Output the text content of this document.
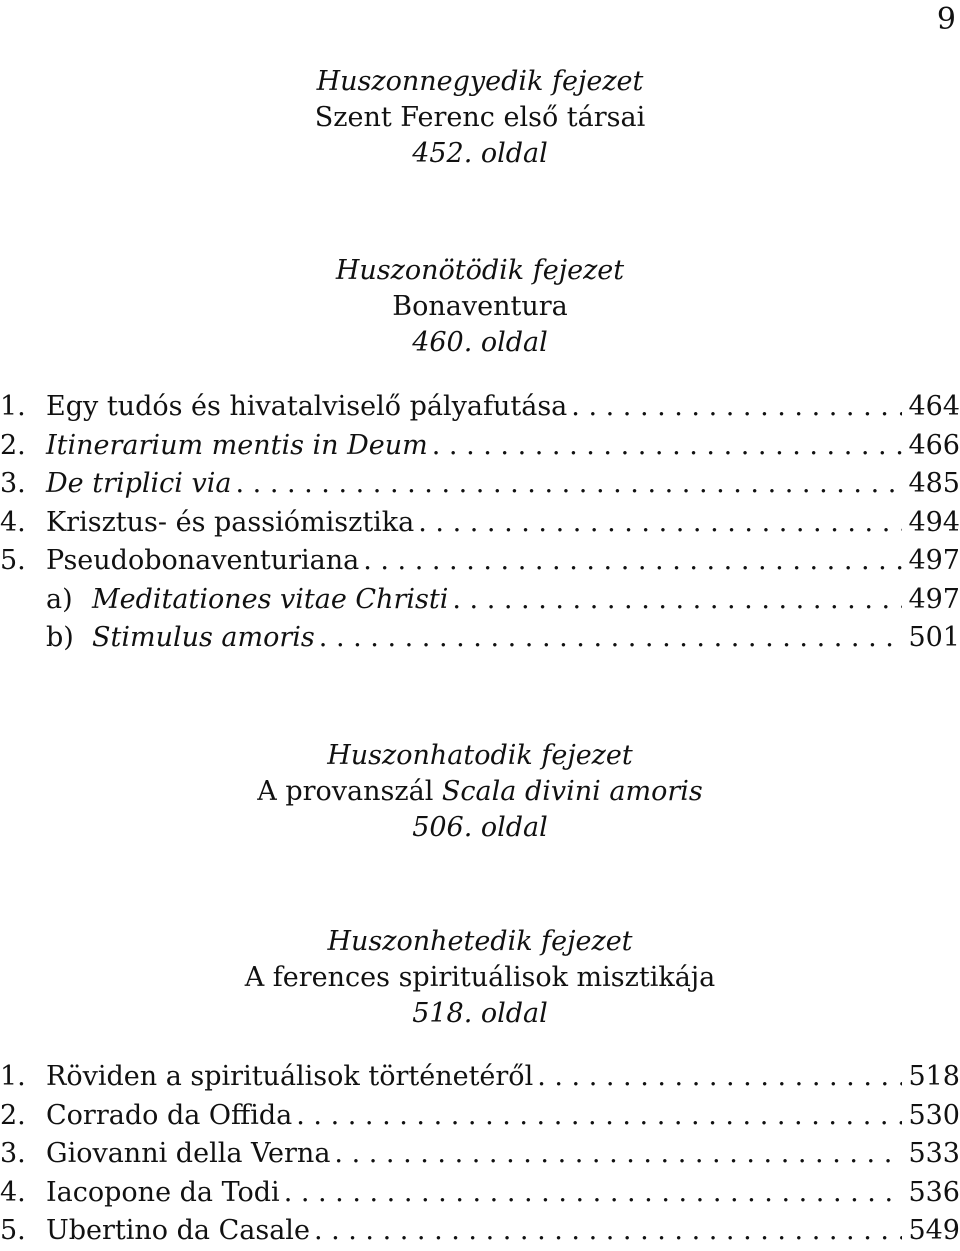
9
Huszonnegyedik fejezet
Szent Ferenc első társai
452. oldal
Huszonötödik fejezet
Bonaventura
460. oldal
1. Egy tudós és hivatalviselő pályafutása . . .	464
2. Itinerarium mentis in Deum . . .	466
3. De triplici via . . .	485
4. Krisztus- és passiómisztika . . .	494
5. Pseudobonaventuriana . . .	497
a) Meditationes vitae Christi . . .	497
b) Stimulus amoris . . .	501
Huszonhatodik fejezet
A provanszál Scala divini amoris
506. oldal
Huszonhetedik fejezet
A ferences spirituálisok misztikája
518. oldal
1. Röviden a spirituálisok történetéről . . .	518
2. Corrado da Offida . . .	530
3. Giovanni della Verna . . .	533
4. Iacopone da Todi . . .	536
5. Ubertino da Casale . . .	549
